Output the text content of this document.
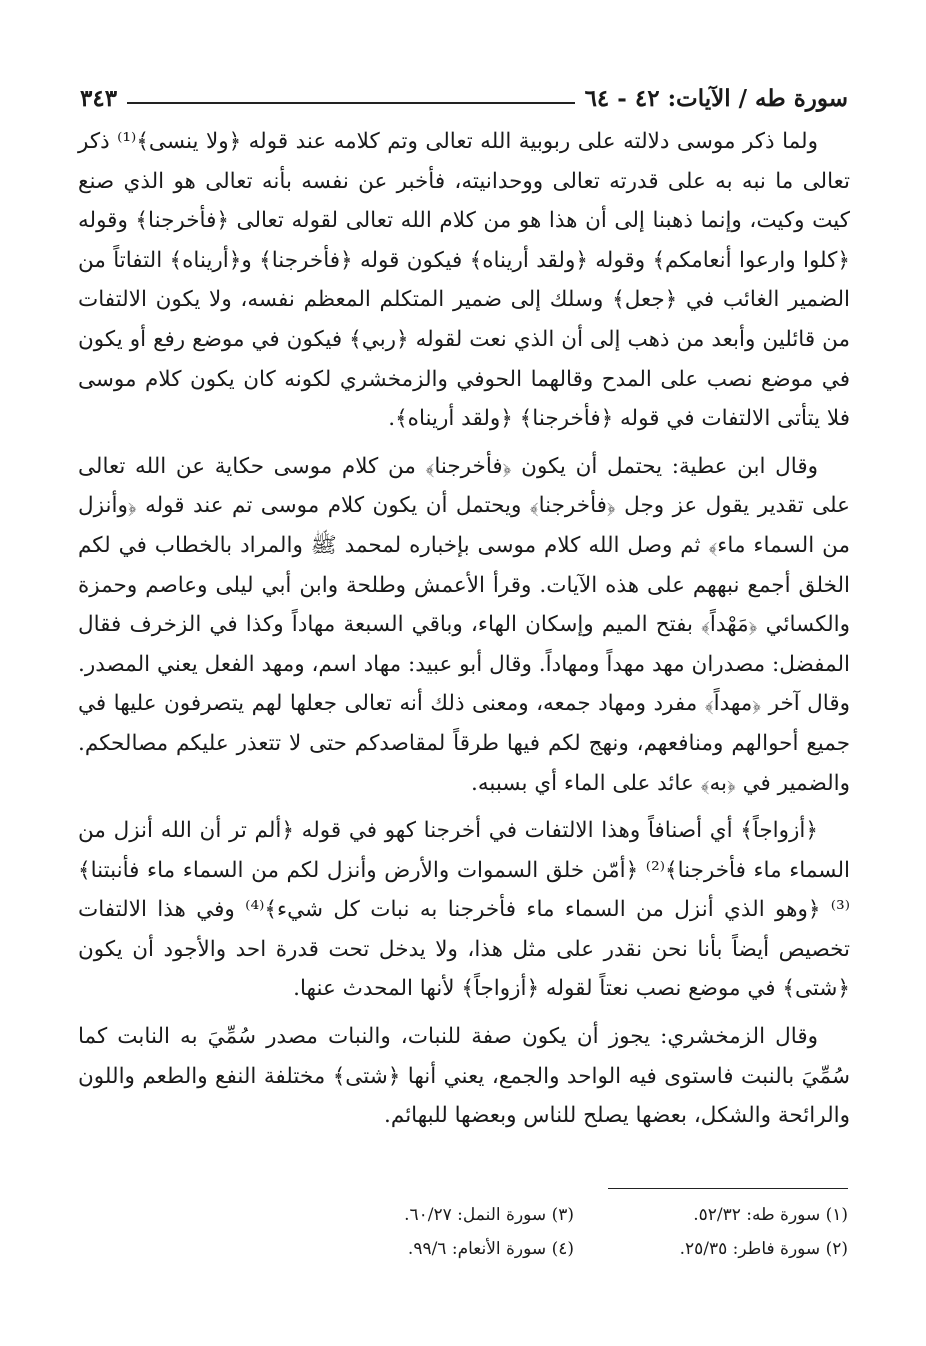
سورة طه / الآيات: ٤٢ - ٦٤
٣٤٣

ولما ذكر موسى دلالته على ربوبية الله تعالى وتم كلامه عند قوله ﴿ولا ينسى﴾⁽¹⁾ ذكر تعالى ما نبه به على قدرته تعالى ووحدانيته، فأخبر عن نفسه بأنه تعالى هو الذي صنع كيت وكيت، وإنما ذهبنا إلى أن هذا هو من كلام الله تعالى لقوله تعالى ﴿فأخرجنا﴾ وقوله ﴿كلوا وارعوا أنعامكم﴾ وقوله ﴿ولقد أريناه﴾ فيكون قوله ﴿فأخرجنا﴾ و﴿أريناه﴾ التفاتاً من الضمير الغائب في ﴿جعل﴾ وسلك إلى ضمير المتكلم المعظم نفسه، ولا يكون الالتفات من قائلين وأبعد من ذهب إلى أن الذي نعت لقوله ﴿ربي﴾ فيكون في موضع رفع أو يكون في موضع نصب على المدح وقالهما الحوفي والزمخشري لكونه كان يكون كلام موسى فلا يتأتى الالتفات في قوله ﴿فأخرجنا﴾ ﴿ولقد أريناه﴾.

وقال ابن عطية: يحتمل أن يكون ﴿فأخرجنا﴾ من كلام موسى حكاية عن الله تعالى على تقدير يقول عز وجل ﴿فأخرجنا﴾ ويحتمل أن يكون كلام موسى تم عند قوله ﴿وأنزل من السماء ماء﴾ ثم وصل الله كلام موسى بإخباره لمحمد ﷺ والمراد بالخطاب في لكم الخلق أجمع نبههم على هذه الآيات. وقرأ الأعمش وطلحة وابن أبي ليلى وعاصم وحمزة والكسائي ﴿مَهْداً﴾ بفتح الميم وإسكان الهاء، وباقي السبعة مهاداً وكذا في الزخرف فقال المفضل: مصدران مهد مهداً ومهاداً. وقال أبو عبيد: مهاد اسم، ومهد الفعل يعني المصدر. وقال آخر ﴿مهداً﴾ مفرد ومهاد جمعه، ومعنى ذلك أنه تعالى جعلها لهم يتصرفون عليها في جميع أحوالهم ومنافعهم، ونهج لكم فيها طرقاً لمقاصدكم حتى لا تتعذر عليكم مصالحكم. والضمير في ﴿به﴾ عائد على الماء أي بسببه.

﴿أزواجاً﴾ أي أصنافاً وهذا الالتفات في أخرجنا كهو في قوله ﴿ألم تر أن الله أنزل من السماء ماء فأخرجنا﴾⁽²⁾ ﴿أمّن خلق السموات والأرض وأنزل لكم من السماء ماء فأنبتنا﴾⁽³⁾ ﴿وهو الذي أنزل من السماء ماء فأخرجنا به نبات كل شيء﴾⁽⁴⁾ وفي هذا الالتفات تخصيص أيضاً بأنا نحن نقدر على مثل هذا، ولا يدخل تحت قدرة احد والأجود أن يكون ﴿شتى﴾ في موضع نصب نعتاً لقوله ﴿أزواجاً﴾ لأنها المحدث عنها.

وقال الزمخشري: يجوز أن يكون صفة للنبات، والنبات مصدر سُمِّيَ به النابت كما سُمِّيَ بالنبت فاستوى فيه الواحد والجمع، يعني أنها ﴿شتى﴾ مختلفة النفع والطعم واللون والرائحة والشكل، بعضها يصلح للناس وبعضها للبهائم.

(١) سورة طه: ٥٢/٣٢.
(٣) سورة النمل: ٦٠/٢٧.
(٢) سورة فاطر: ٢٥/٣٥.
(٤) سورة الأنعام: ٩٩/٦.
